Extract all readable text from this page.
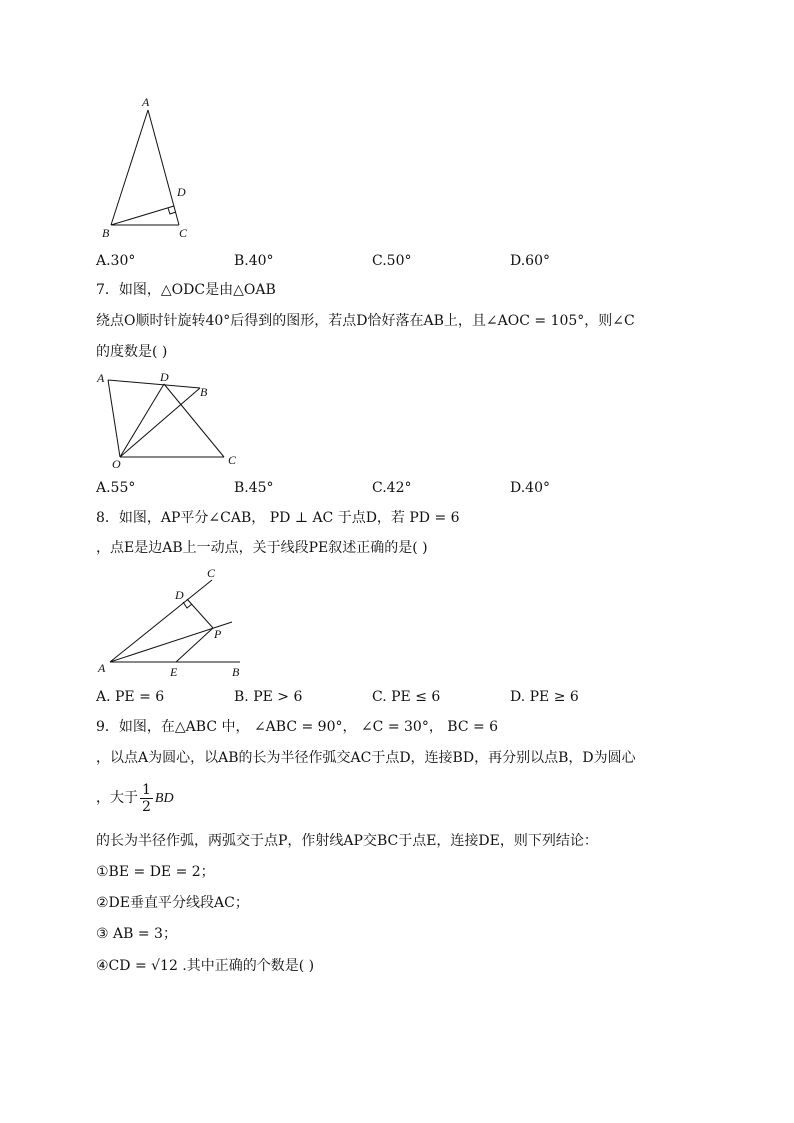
A
D
B	C
A.30°	B.40°	C.50°	D.60°
7．如图，△ODC是由△OAB
绕点O顺时针旋转40°后得到的图形，若点D恰好落在AB上，且∠AOC = 105°，则∠C
的度数是( )
A	D
B
O	C
A.55°	B.45°	C.42°	D.40°
8．如图，AP平分∠CAB， PD ⊥ AC 于点D，若 PD = 6
，点E是边AB上一动点，关于线段PE叙述正确的是( )
C
D
P
A	E	B
A. PE = 6	B. PE > 6	C. PE ≤ 6	D. PE ≥ 6
9．如图，在△ABC 中， ∠ABC = 90°， ∠C = 30°， BC = 6
，以点A为圆心，以AB的长为半径作弧交AC于点D，连接BD，再分别以点B，D为圆心
，大于 $\frac{1}{2}$ BD
的长为半径作弧，两弧交于点P，作射线AP交BC于点E，连接DE，则下列结论：
①BE = DE = 2；
②DE垂直平分线段AC；
③ AB = 3；
④CD = √12 .其中正确的个数是( )
